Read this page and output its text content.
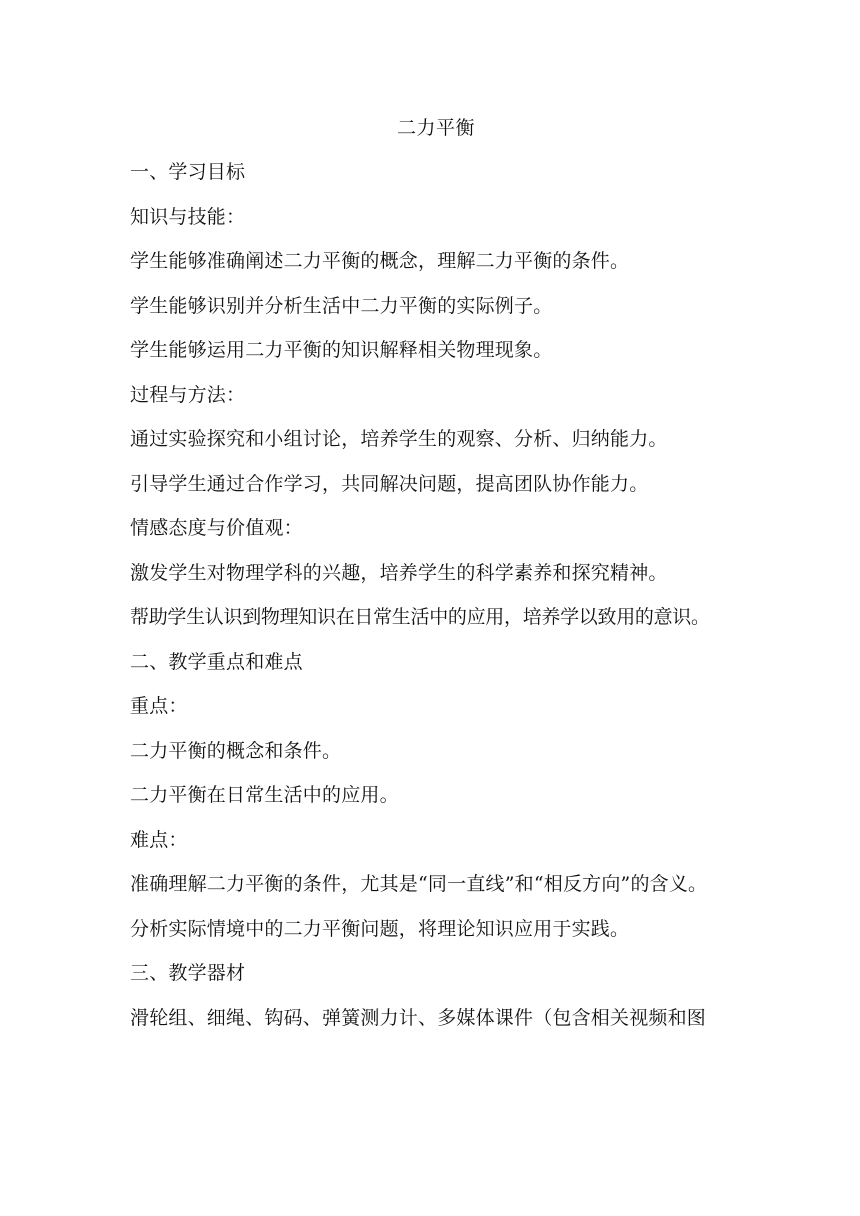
二力平衡
一、学习目标
知识与技能：
学生能够准确阐述二力平衡的概念，理解二力平衡的条件。
学生能够识别并分析生活中二力平衡的实际例子。
学生能够运用二力平衡的知识解释相关物理现象。
过程与方法：
通过实验探究和小组讨论，培养学生的观察、分析、归纳能力。
引导学生通过合作学习，共同解决问题，提高团队协作能力。
情感态度与价值观：
激发学生对物理学科的兴趣，培养学生的科学素养和探究精神。
帮助学生认识到物理知识在日常生活中的应用，培养学以致用的意识。
二、教学重点和难点
重点：
二力平衡的概念和条件。
二力平衡在日常生活中的应用。
难点：
准确理解二力平衡的条件，尤其是“同一直线”和“相反方向”的含义。
分析实际情境中的二力平衡问题，将理论知识应用于实践。
三、教学器材
滑轮组、细绳、钩码、弹簧测力计、多媒体课件（包含相关视频和图
